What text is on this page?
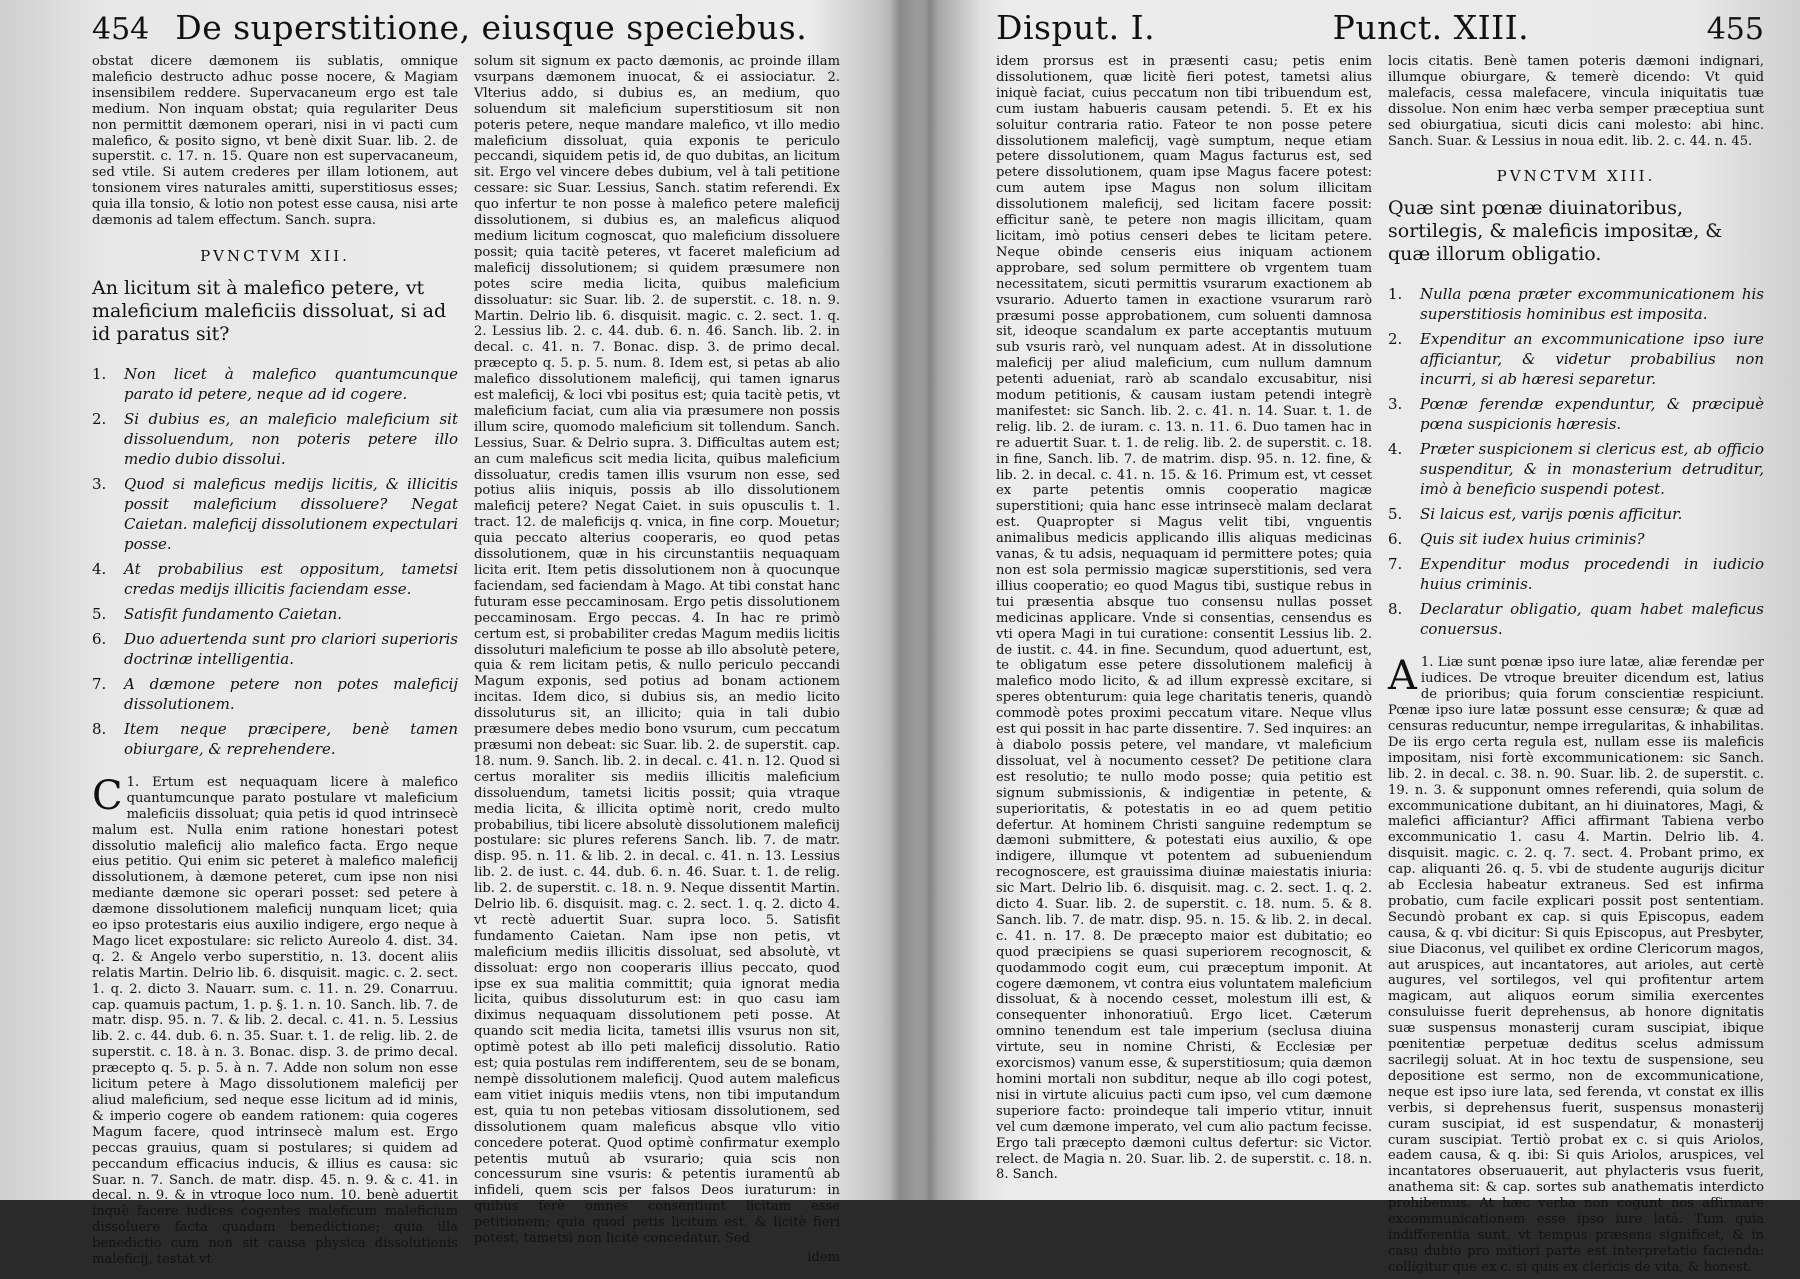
454 De superstitione, eiusque speciebus.

obstat dicere dæmonem iis sublatis, omnique maleficio destructo adhuc posse nocere, & Magiam insensibilem reddere. Supervacaneum ergo est tale medium. Non inquam obstat; quia regulariter Deus non permittit dæmonem operari, nisi in vi pacti cum malefico, & posito signo, vt benè dixit Suar. lib. 2. de superstit. c. 17. n. 15. Quare non est supervacaneum, sed vtile. Si autem crederes per illam lotionem, aut tonsionem vires naturales amitti, superstitiosus esses; quia illa tonsio, & lotio non potest esse causa, nisi arte dæmonis ad talem effectum. Sanch. supra.

PVNCTVM XII.
An licitum sit à malefico petere, vt maleficium maleficiis dissoluat, si ad id paratus sit?
1. Non licet à malefico quantumcunque parato id petere, neque ad id cogere.
2. Si dubius es, an maleficio maleficium sit dissoluendum, non poteris petere illo medio dubio dissolui.
3. Quod si maleficus medijs licitis, & illicitis possit maleficium dissoluere? Negat Caietan. maleficij dissolutionem expectulari posse.
4. At probabilius est oppositum, tametsi credas medijs illicitis faciendam esse.
5. Satisfit fundamento Caietan.
6. Duo aduertenda sunt pro clariori superioris doctrinæ intelligentia.
7. A dæmone petere non potes maleficij dissolutionem.
8. Item neque præcipere, benè tamen obiurgare, & reprehendere.

C 1. Ertum est nequaquam licere à malefico quantumcunque parato postulare vt maleficium maleficiis dissoluat; quia petis id quod intrinsecè malum est. Nulla enim ratione honestari potest dissolutio maleficij alio malefico facta. Ergo neque eius petitio. Qui enim sic peteret à malefico maleficij dissolutionem, à dæmone peteret, cum ipse non nisi mediante dæmone sic operari posset: sed petere à dæmone dissolutionem maleficij nunquam licet; quia eo ipso protestaris eius auxilio indigere, ergo neque à Mago licet expostulare: sic relicto Aureolo 4. dist. 34. q. 2. & Angelo verbo superstitio, n. 13. docent aliis relatis Martin. Delrio lib. 6. disquisit. magic. c. 2. sect. 1. q. 2. dicto 3. Nauarr. sum. c. 11. n. 29. Conarruu. cap. quamuis pactum, 1. p. §. 1. n. 10. Sanch. lib. 7. de matr. disp. 95. n. 7. & lib. 2. decal. c. 41. n. 5. Lessius lib. 2. c. 44. dub. 6. n. 35. Suar. t. 1. de relig. lib. 2. de superstit. c. 18. à n. 3. Bonac. disp. 3. de primo decal. præcepto q. 5. p. 5. à n. 7. Adde non solum non esse licitum petere à Mago dissolutionem maleficij per aliud maleficium, sed neque esse licitum ad id minis, & imperio cogere ob eandem rationem: quia cogeres Magum facere, quod intrinsecè malum est. Ergo peccas grauius, quam si postulares; si quidem ad peccandum efficacius inducis, & illius es causa: sic Suar. n. 7. Sanch. de matr. disp. 45. n. 9. & c. 41. in decal. n. 9. & in vtroque loco num. 10. benè aduertit inquè facere iudices cogentes maleficum maleficium dissoluere facta quadam benedictione; quia illa benedictio cum non sit causa physica dissolutionis maleficij, testat vt

solum sit signum ex pacto dæmonis, ac proinde illam vsurpans dæmonem inuocat, & ei assiociatur. 2. Vlterius addo, si dubius es, an medium, quo soluendum sit maleficium superstitiosum sit non poteris petere, neque mandare malefico, vt illo medio maleficium dissoluat, quia exponis te periculo peccandi, siquidem petis id, de quo dubitas, an licitum sit. Ergo vel vincere debes dubium, vel à tali petitione cessare: sic Suar. Lessius, Sanch. statim referendi. Ex quo infertur te non posse à malefico petere maleficij dissolutionem, si dubius es, an maleficus aliquod medium licitum cognoscat, quo maleficium dissoluere possit; quia tacitè peteres, vt faceret maleficium ad maleficij dissolutionem; si quidem præsumere non potes scire media licita, quibus maleficium dissoluatur: sic Suar. lib. 2. de superstit. c. 18. n. 9. Martin. Delrio lib. 6. disquisit. magic. c. 2. sect. 1. q. 2. Lessius lib. 2. c. 44. dub. 6. n. 46. Sanch. lib. 2. in decal. c. 41. n. 7. Bonac. disp. 3. de primo decal. præcepto q. 5. p. 5. num. 8. Idem est, si petas ab alio malefico dissolutionem maleficij, qui tamen ignarus est maleficij, & loci vbi positus est; quia tacitè petis, vt maleficium faciat, cum alia via præsumere non possis illum scire, quomodo maleficium sit tollendum. Sanch. Lessius, Suar. & Delrio supra. 3. Difficultas autem est; an cum maleficus scit media licita, quibus maleficium dissoluatur, credis tamen illis vsurum non esse, sed potius aliis iniquis, possis ab illo dissolutionem maleficij petere? Negat Caiet. in suis opusculis t. 1. tract. 12. de maleficijs q. vnica, in fine corp. Mouetur; quia peccato alterius cooperaris, eo quod petas dissolutionem, quæ in his circunstantiis nequaquam licita erit. Item petis dissolutionem non à quocunque faciendam, sed faciendam à Mago. At tibi constat hanc futuram esse peccaminosam. Ergo petis dissolutionem peccaminosam. Ergo peccas. 4. In hac re primò certum est, si probabiliter credas Magum mediis licitis dissoluturi maleficium te posse ab illo absolutè petere, quia & rem licitam petis, & nullo periculo peccandi Magum exponis, sed potius ad bonam actionem incitas. Idem dico, si dubius sis, an medio licito dissoluturus sit, an illicito; quia in tali dubio præsumere debes medio bono vsurum, cum peccatum præsumi non debeat: sic Suar. lib. 2. de superstit. cap. 18. num. 9. Sanch. lib. 2. in decal. c. 41. n. 12. Quod si certus moraliter sis mediis illicitis maleficium dissoluendum, tametsi licitis possit; quia vtraque media licita, & illicita optimè norit, credo multo probabilius, tibi licere absolutè dissolutionem maleficij postulare: sic plures referens Sanch. lib. 7. de matr. disp. 95. n. 11. & lib. 2. in decal. c. 41. n. 13. Lessius lib. 2. de iust. c. 44. dub. 6. n. 46. Suar. t. 1. de relig. lib. 2. de superstit. c. 18. n. 9. Neque dissentit Martin. Delrio lib. 6. disquisit. mag. c. 2. sect. 1. q. 2. dicto 4. vt rectè aduertit Suar. supra loco. 5. Satisfit fundamento Caietan. Nam ipse non petis, vt maleficium mediis illicitis dissoluat, sed absolutè, vt dissoluat: ergo non cooperaris illius peccato, quod ipse ex sua malitia committit; quia ignorat media licita, quibus dissoluturum est: in quo casu iam diximus nequaquam dissolutionem peti posse. At quando scit media licita, tametsi illis vsurus non sit, optimè potest ab illo peti maleficij dissolutio. Ratio est; quia postulas rem indifferentem, seu de se bonam, nempè dissolutionem maleficij. Quod autem maleficus eam vitiet iniquis mediis vtens, non tibi imputandum est, quia tu non petebas vitiosam dissolutionem, sed dissolutionem quam maleficus absque vllo vitio concedere poterat. Quod optimè confirmatur exemplo petentis mutuû ab vsurario; quia scis non concessurum sine vsuris: & petentis iuramentû ab infideli, quem scis per falsos Deos iuraturum: in quibus ferè omnes consentiunt licitam esse petitionem; quia quod petis licitum est, & licitè fieri potest, tametsi non licitè concedatur. Sed

idem

Disput. I.	Punct. XIII.	455

idem prorsus est in præsenti casu; petis enim dissolutionem, quæ licitè fieri potest, tametsi alius iniquè faciat, cuius peccatum non tibi tribuendum est, cum iustam habueris causam petendi. 5. Et ex his soluitur contraria ratio. Fateor te non posse petere dissolutionem maleficij, vagè sumptum, neque etiam petere dissolutionem, quam Magus facturus est, sed petere dissolutionem, quam ipse Magus facere potest: cum autem ipse Magus non solum illicitam dissolutionem maleficij, sed licitam facere possit: efficitur sanè, te petere non magis illicitam, quam licitam, imò potius censeri debes te licitam petere. Neque obinde censeris eius iniquam actionem approbare, sed solum permittere ob vrgentem tuam necessitatem, sicuti permittis vsurarum exactionem ab vsurario. Aduerto tamen in exactione vsurarum rarò præsumi posse approbationem, cum soluenti damnosa sit, ideoque scandalum ex parte acceptantis mutuum sub vsuris rarò, vel nunquam adest. At in dissolutione maleficij per aliud maleficium, cum nullum damnum petenti adueniat, rarò ab scandalo excusabitur, nisi modum petitionis, & causam iustam petendi integrè manifestet: sic Sanch. lib. 2. c. 41. n. 14. Suar. t. 1. de relig. lib. 2. de iuram. c. 13. n. 11. 6. Duo tamen hac in re aduertit Suar. t. 1. de relig. lib. 2. de superstit. c. 18. in fine, Sanch. lib. 7. de matrim. disp. 95. n. 12. fine, & lib. 2. in decal. c. 41. n. 15. & 16. Primum est, vt cesset ex parte petentis omnis cooperatio magicæ superstitioni; quia hanc esse intrinsecè malam declarat est. Quapropter si Magus velit tibi, vnguentis animalibus medicis applicando illis aliquas medicinas vanas, & tu adsis, nequaquam id permittere potes; quia non est sola permissio magicæ superstitionis, sed vera illius cooperatio; eo quod Magus tibi, sustique rebus in tui præsentia absque tuo consensu nullas posset medicinas applicare. Vnde si consentias, censendus es vti opera Magi in tui curatione: consentit Lessius lib. 2. de iustit. c. 44. in fine. Secundum, quod aduertunt, est, te obligatum esse petere dissolutionem maleficij à malefico modo licito, & ad illum expressè excitare, si speres obtenturum: quia lege charitatis teneris, quandò commodè potes proximi peccatum vitare. Neque vllus est qui possit in hac parte dissentire. 7. Sed inquires: an à diabolo possis petere, vel mandare, vt maleficium dissoluat, vel à nocumento cesset? De petitione clara est resolutio; te nullo modo posse; quia petitio est signum submissionis, & indigentiæ in petente, & superioritatis, & potestatis in eo ad quem petitio defertur. At hominem Christi sanguine redemptum se dæmoni submittere, & potestati eius auxilio, & ope indigere, illumque vt potentem ad subueniendum recognoscere, est grauissima diuinæ maiestatis iniuria: sic Mart. Delrio lib. 6. disquisit. mag. c. 2. sect. 1. q. 2. dicto 4. Suar. lib. 2. de superstit. c. 18. num. 5. & 8. Sanch. lib. 7. de matr. disp. 95. n. 15. & lib. 2. in decal. c. 41. n. 17. 8. De præcepto maior est dubitatio; eo quod præcipiens se quasi superiorem recognoscit, & quodammodo cogit eum, cui præceptum imponit. At cogere dæmonem, vt contra eius voluntatem maleficium dissoluat, & à nocendo cesset, molestum illi est, & consequenter inhonoratiuû. Ergo licet. Cæterum omnino tenendum est tale imperium (seclusa diuina virtute, seu in nomine Christi, & Ecclesiæ per exorcismos) vanum esse, & superstitiosum; quia dæmon homini mortali non subditur, neque ab illo cogi potest, nisi in virtute alicuius pacti cum ipso, vel cum dæmone superiore facto: proindeque tali imperio vtitur, innuit vel cum dæmone imperato, vel cum alio pactum fecisse. Ergo tali præcepto dæmoni cultus defertur: sic Victor. relect. de Magia n. 20. Suar. lib. 2. de superstit. c. 18. n. 8. Sanch.

locis citatis. Benè tamen poteris dæmoni indignari, illumque obiurgare, & temerè dicendo: Vt quid malefacis, cessa malefacere, vincula iniquitatis tuæ dissolue. Non enim hæc verba semper præceptiua sunt sed obiurgatiua, sicuti dicis cani molesto: abi hinc. Sanch. Suar. & Lessius in noua edit. lib. 2. c. 44. n. 45.

PVNCTVM XIII.
Quæ sint pœnæ diuinatoribus, sortilegis, & maleficis impositæ, & quæ illorum obligatio.
1. Nulla pœna præter excommunicationem his superstitiosis hominibus est imposita.
2. Expenditur an excommunicatione ipso iure afficiantur, & videtur probabilius non incurri, si ab hæresi separetur.
3. Pœnæ ferendæ expenduntur, & præcipuè pœna suspicionis hæresis.
4. Præter suspicionem si clericus est, ab officio suspenditur, & in monasterium detruditur, imò à beneficio suspendi potest.
5. Si laicus est, varijs pœnis afficitur.
6. Quis sit iudex huius criminis?
7. Expenditur modus procedendi in iudicio huius criminis.
8. Declaratur obligatio, quam habet maleficus conuersus.

A 1. Liæ sunt pœnæ ipso iure latæ, aliæ ferendæ per iudices. De vtroque breuiter dicendum est, latius de prioribus; quia forum conscientiæ respiciunt. Pœnæ ipso iure latæ possunt esse censuræ; & quæ ad censuras reducuntur, nempe irregularitas, & inhabilitas. De iis ergo certa regula est, nullam esse iis maleficis impositam, nisi fortè excommunicationem: sic Sanch. lib. 2. in decal. c. 38. n. 90. Suar. lib. 2. de superstit. c. 19. n. 3. & supponunt omnes referendi, quia solum de excommunicatione dubitant, an hi diuinatores, Magi, & malefici afficiantur? Affici affirmant Tabiena verbo excommunicatio 1. casu 4. Martin. Delrio lib. 4. disquisit. magic. c. 2. q. 7. sect. 4. Probant primo, ex cap. aliquanti 26. q. 5. vbi de studente augurijs dicitur ab Ecclesia habeatur extraneus. Sed est infirma probatio, cum facile explicari possit post sententiam. Secundò probant ex cap. si quis Episcopus, eadem causa, & q. vbi dicitur: Si quis Episcopus, aut Presbyter, siue Diaconus, vel quilibet ex ordine Clericorum magos, aut aruspices, aut incantatores, aut arioles, aut certè augures, vel sortilegos, vel qui profitentur artem magicam, aut aliquos eorum similia exercentes consuluisse fuerit deprehensus, ab honore dignitatis suæ suspensus monasterij curam suscipiat, ibique pœnitentiæ perpetuæ deditus scelus admissum sacrilegij soluat. At in hoc textu de suspensione, seu depositione est sermo, non de excommunicatione, neque est ipso iure lata, sed ferenda, vt constat ex illis verbis, si deprehensus fuerit, suspensus monasterij curam suscipiat, id est suspendatur, & monasterij curam suscipiat. Tertiò probat ex c. si quis Ariolos, eadem causa, & q. ibi: Si quis Ariolos, aruspices, vel incantatores obseruauerit, aut phylacteris vsus fuerit, anathema sit: & cap. sortes sub anathematis interdicto prohibemus. At hæc verba non cogunt nos affirmare excommunicationem esse ipso iure latâ. Tum quia indifferentia sunt, vt tempus præsens significet, & in casu dubio pro mitiori parte est interpretatio facienda: colligitur que ex c. si quis ex clericis de vita, & honest.
